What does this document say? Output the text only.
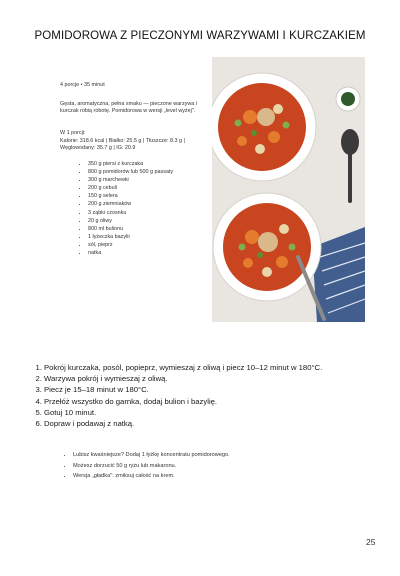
POMIDOROWA Z PIECZONYMI WARZYWAMI I KURCZAKIEM
4 porcje • 35 minut
Gęsta, aromatyczna, pełna smaku — pieczone warzywa i kurczak robią robotę. Pomidorowa w wersji „level wyżej".
W 1 porcji:
Kalorie: 318.6 kcal | Białko: 25.5 g | Tłuszcze: 8.3 g | Węglowodany: 35.7 g | IG: 20.9
• 350 g piersi z kurczaka
• 800 g pomidorów lub 500 g passaty
• 300 g marchewki
• 200 g cebuli
• 150 g selera
• 200 g ziemniaków
• 3 ząbki czosnku
• 20 g oliwy
• 800 ml bulionu
• 1 łyżeczka bazylii
• sól, pieprz
• natka
1. Pokrój kurczaka, posól, popieprz, wymieszaj z oliwą i piecz 10–12 minut w 180°C.
2. Warzywa pokrój i wymieszaj z oliwą.
3. Piecz je 15–18 minut w 180°C.
4. Przełóż wszystko do garnka, dodaj bulion i bazylię.
5. Gotuj 10 minut.
6. Dopraw i podawaj z natką.
• Lubisz kwaśniejsze? Dodaj 1 łyżkę koncentratu pomidorowego.
• Możesz dorzucić 50 g ryżu lub makaronu.
• Wersja „gładka": zmiksuj całość na krem.
25
